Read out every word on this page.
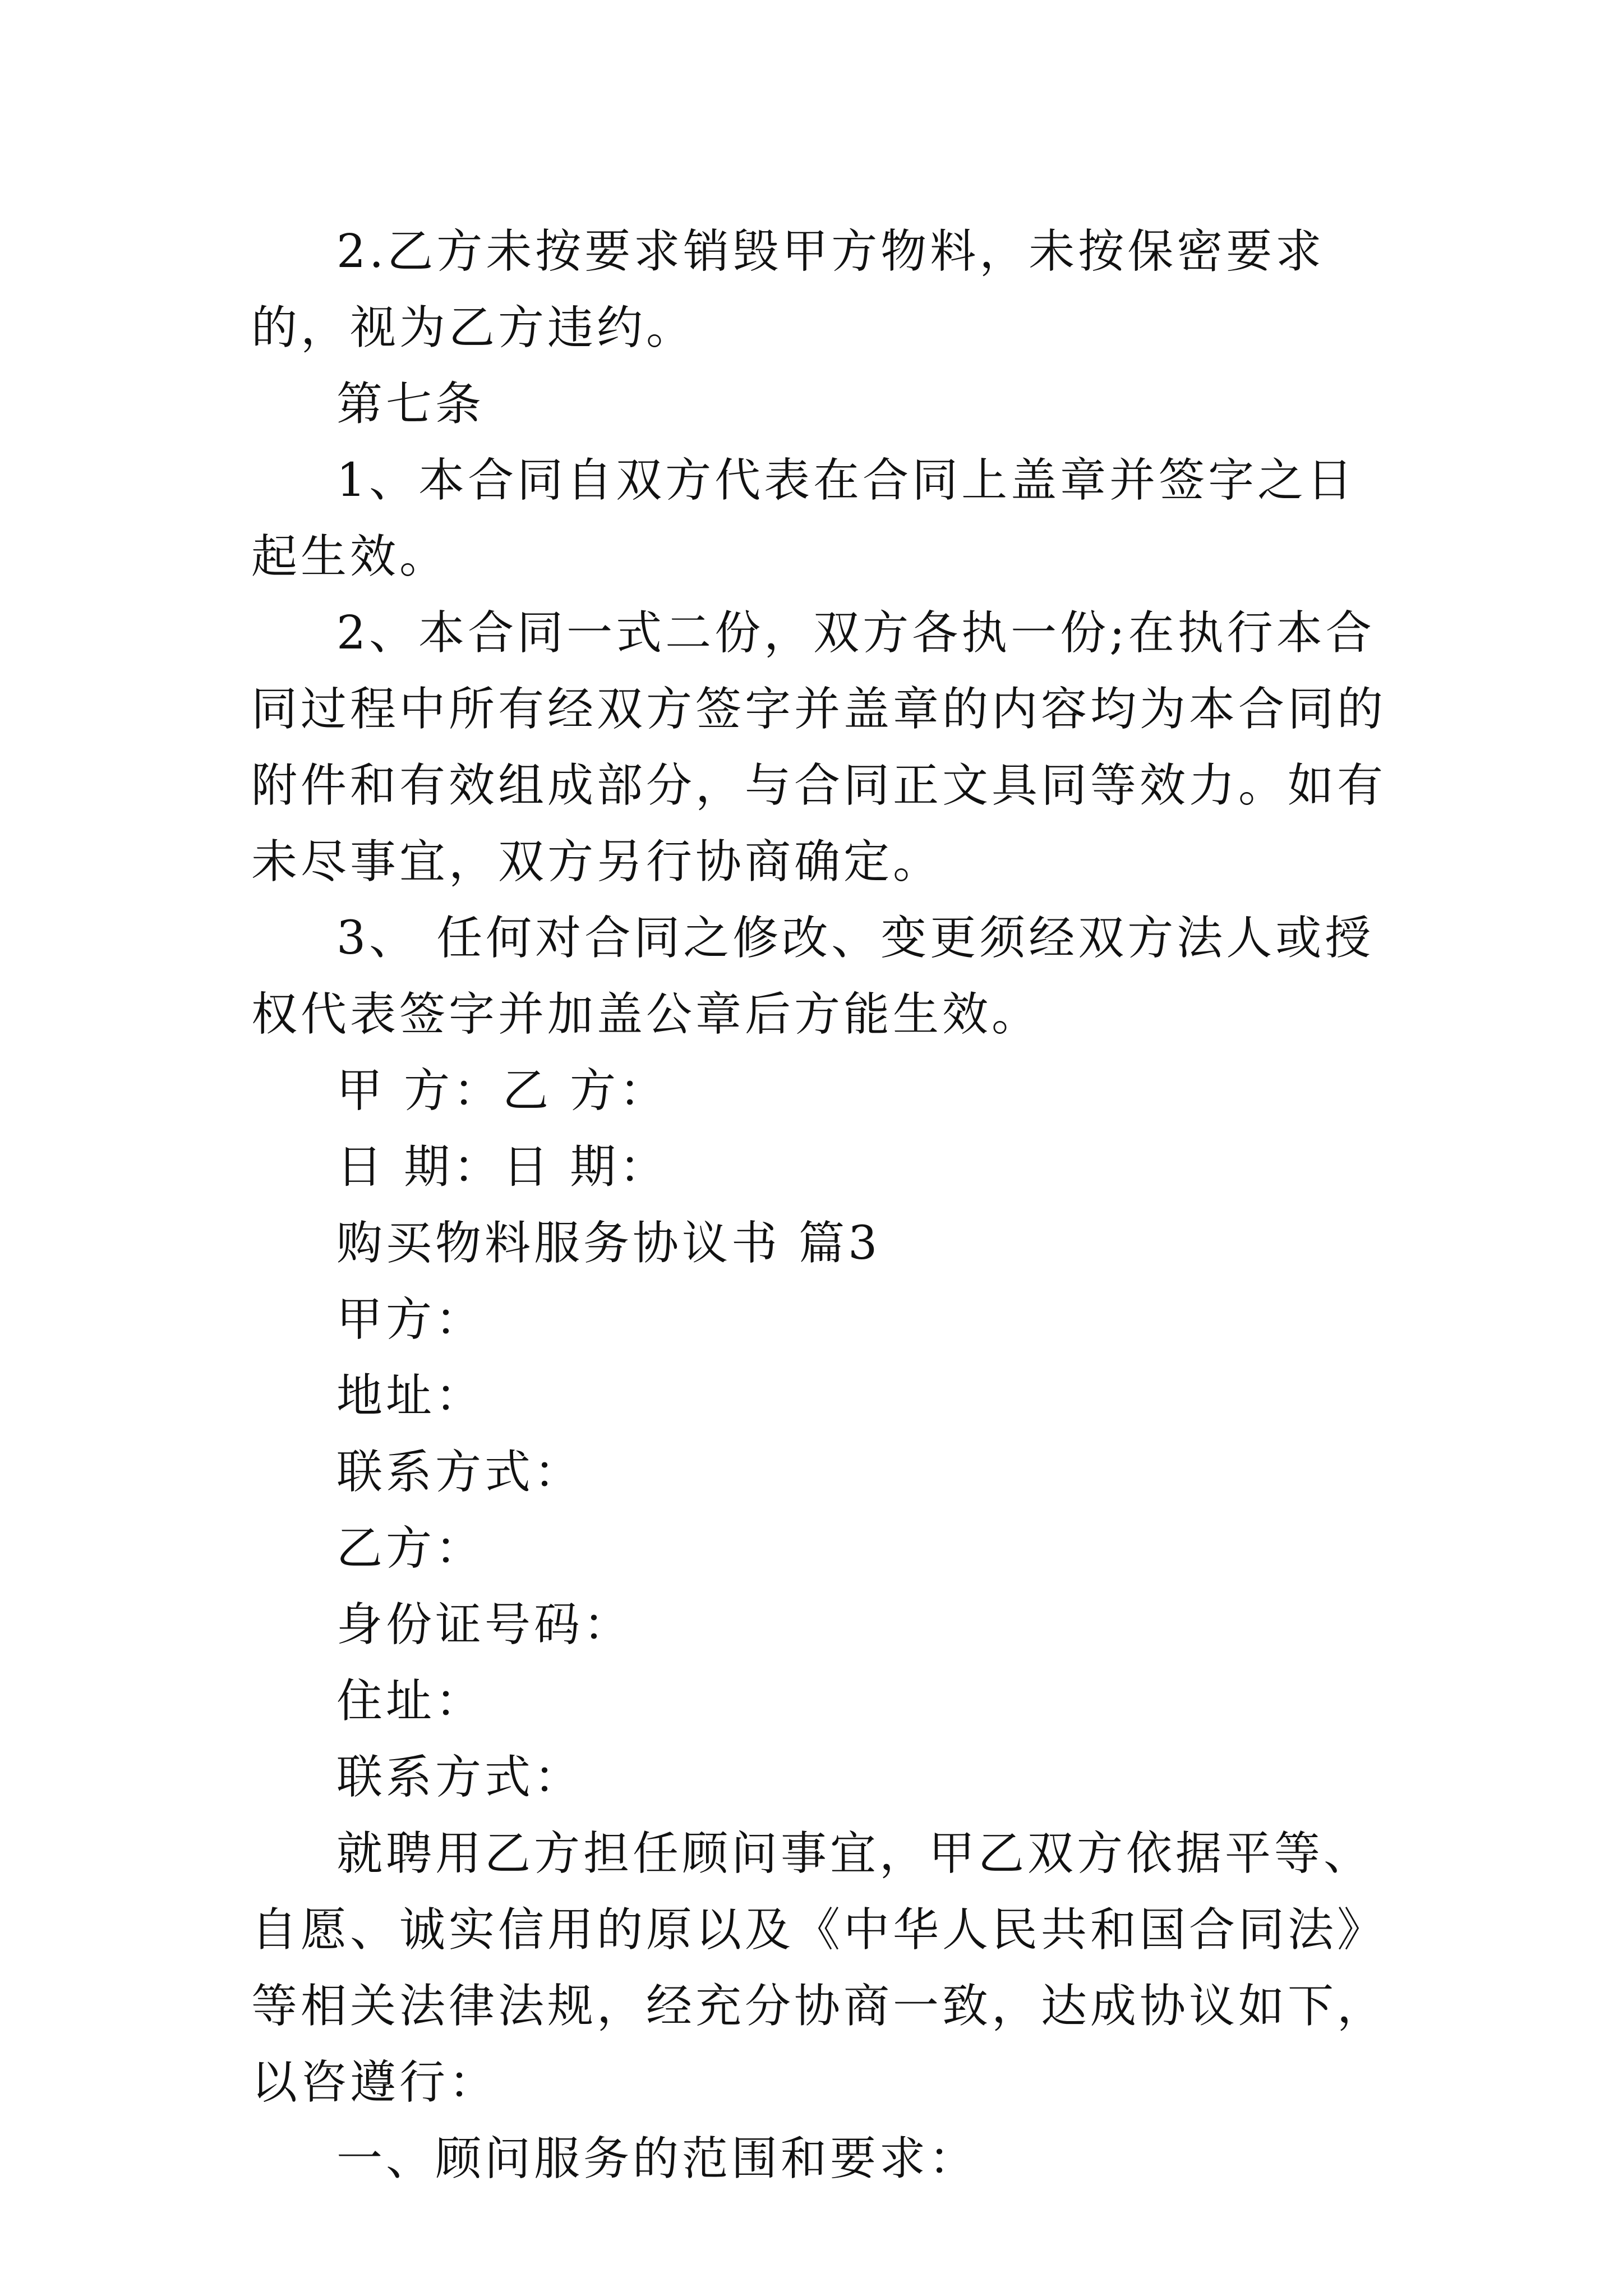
2.乙方未按要求销毁甲方物料，未按保密要求的，视为乙方违约。

第七条

1、本合同自双方代表在合同上盖章并签字之日起生效。

2、本合同一式二份，双方各执一份;在执行本合同过程中所有经双方签字并盖章的内容均为本合同的附件和有效组成部分，与合同正文具同等效力。如有未尽事宜，双方另行协商确定。

3、 任何对合同之修改、变更须经双方法人或授权代表签字并加盖公章后方能生效。

甲 方：乙 方：

日 期：日 期：

购买物料服务协议书 篇3

甲方：

地址：

联系方式：

乙方：

身份证号码：

住址：

联系方式：

就聘用乙方担任顾问事宜，甲乙双方依据平等、自愿、诚实信用的原以及《中华人民共和国合同法》 等相关法律法规，经充分协商一致，达成协议如下，以咨遵行：

一、顾问服务的范围和要求：
